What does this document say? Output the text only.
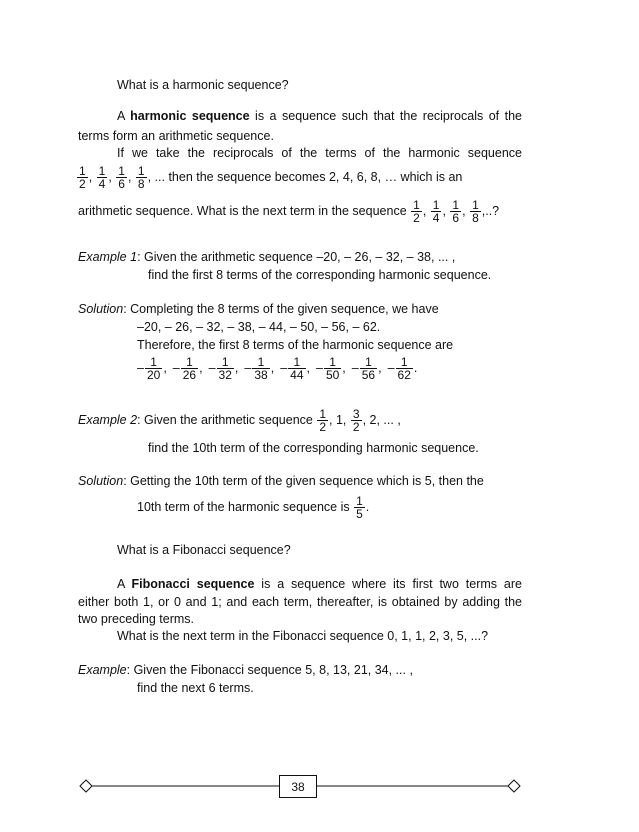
What is a harmonic sequence?
A harmonic sequence is a sequence such that the reciprocals of the
terms form an arithmetic sequence.
If we take the reciprocals of the terms of the harmonic sequence
$\frac{1}{2}$ , $\frac{1}{4}$ , $\frac{1}{6}$ , $\frac{1}{8}$ , ... then the sequence becomes 2, 4, 6, 8, … which is an
arithmetic sequence. What is the next term in the sequence $\frac{1}{2}$ , $\frac{1}{4}$ , $\frac{1}{6}$ , $\frac{1}{8}$ ,..?
Example 1: Given the arithmetic sequence –20, – 26, – 32, – 38, ... ,
find the first 8 terms of the corresponding harmonic sequence.
Solution: Completing the 8 terms of the given sequence, we have
–20, – 26, – 32, – 38, – 44, – 50, – 56, – 62.
Therefore, the first 8 terms of the harmonic sequence are
– $\frac{1}{20}$ , – $\frac{1}{26}$ , – $\frac{1}{32}$ , – $\frac{1}{38}$ , – $\frac{1}{44}$ , – $\frac{1}{50}$ , – $\frac{1}{56}$ , – $\frac{1}{62}$ .
Example 2: Given the arithmetic sequence $\frac{1}{2}$ , 1, $\frac{3}{2}$ , 2, ... ,
find the 10th term of the corresponding harmonic sequence.
Solution: Getting the 10th term of the given sequence which is 5, then the
10th term of the harmonic sequence is $\frac{1}{5}$ .
What is a Fibonacci sequence?
A Fibonacci sequence is a sequence where its first two terms are
either both 1, or 0 and 1; and each term, thereafter, is obtained by adding the
two preceding terms.
What is the next term in the Fibonacci sequence 0, 1, 1, 2, 3, 5, ...?
Example: Given the Fibonacci sequence 5, 8, 13, 21, 34, ... ,
find the next 6 terms.
38
